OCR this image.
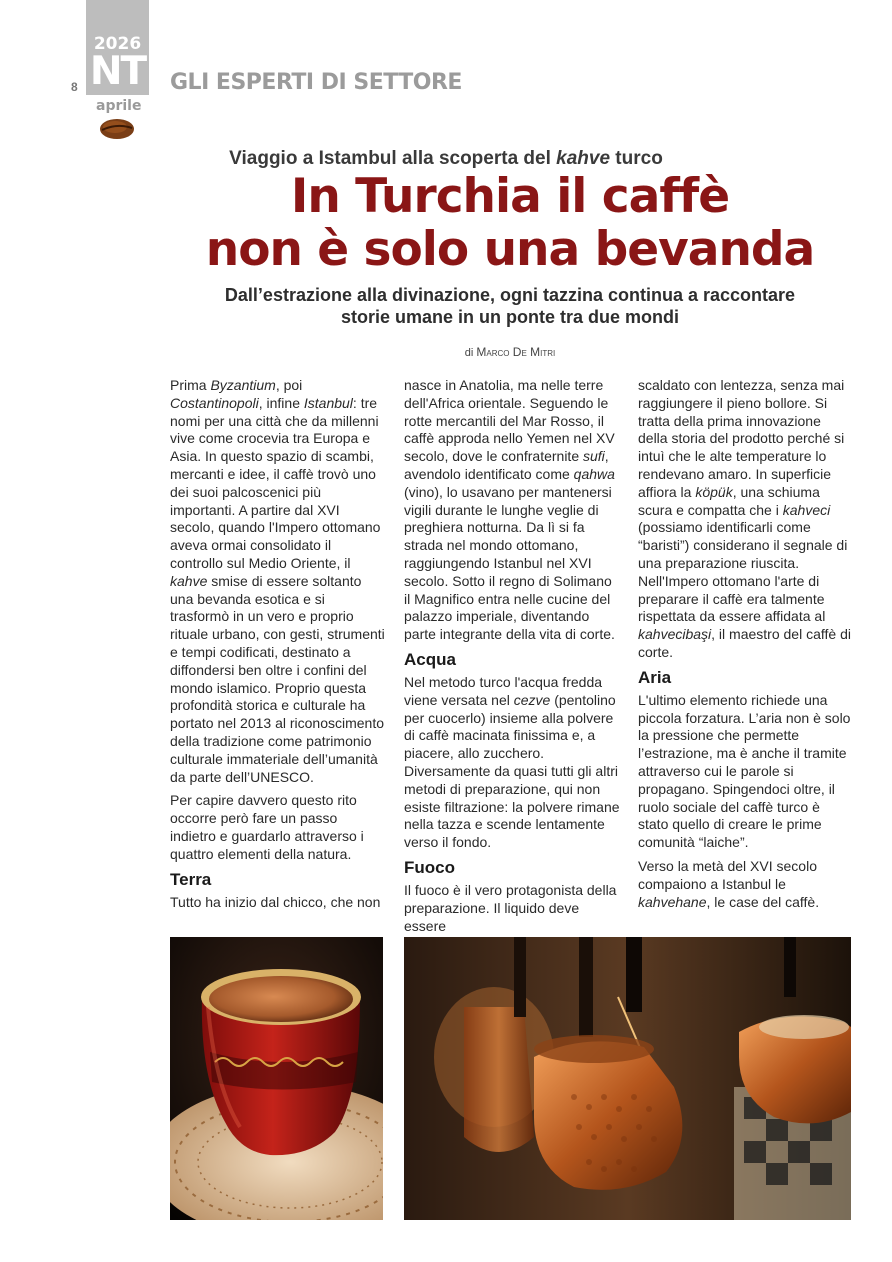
2026
NT
8
aprile
GLI ESPERTI DI SETTORE
Viaggio a Istambul alla scoperta del kahve turco
In Turchia il caffè
non è solo una bevanda
Dall’estrazione alla divinazione, ogni tazzina continua a raccontare
storie umane in un ponte tra due mondi
di Marco De Mitri

Prima Byzantium, poi Costantinopoli, infine Istanbul: tre nomi per una città che da millenni vive come crocevia tra Europa e Asia. In questo spazio di scambi, mercanti e idee, il caffè trovò uno dei suoi palcoscenici più importanti. A partire dal XVI secolo, quando l'Impero ottomano aveva ormai consolidato il controllo sul Medio Oriente, il kahve smise di essere soltanto una bevanda esotica e si trasformò in un vero e proprio rituale urbano, con gesti, strumenti e tempi codificati, destinato a diffondersi ben oltre i confini del mondo islamico. Proprio questa profondità storica e culturale ha portato nel 2013 al riconoscimento della tradizione come patrimonio culturale immateriale dell’umanità da parte dell’UNESCO.

Per capire davvero questo rito occorre però fare un passo indietro e guardarlo attraverso i quattro elementi della natura.

Terra

Tutto ha inizio dal chicco, che non

nasce in Anatolia, ma nelle terre dell'Africa orientale. Seguendo le rotte mercantili del Mar Rosso, il caffè approda nello Yemen nel XV secolo, dove le confraternite sufi, avendolo identificato come qahwa (vino), lo usavano per mantenersi vigili durante le lunghe veglie di preghiera notturna. Da lì si fa strada nel mondo ottomano, raggiungendo Istanbul nel XVI secolo. Sotto il regno di Solimano il Magnifico entra nelle cucine del palazzo imperiale, diventando parte integrante della vita di corte.

Acqua

Nel metodo turco l'acqua fredda viene versata nel cezve (pentolino per cuocerlo) insieme alla polvere di caffè macinata finissima e, a piacere, allo zucchero. Diversamente da quasi tutti gli altri metodi di preparazione, qui non esiste filtrazione: la polvere rimane nella tazza e scende lentamente verso il fondo.

Fuoco

Il fuoco è il vero protagonista della preparazione. Il liquido deve essere

scaldato con lentezza, senza mai raggiungere il pieno bollore. Si tratta della prima innovazione della storia del prodotto perché si intuì che le alte temperature lo rendevano amaro. In superficie affiora la köpük, una schiuma scura e compatta che i kahveci (possiamo identificarli come “baristi”) considerano il segnale di una preparazione riuscita. Nell'Impero ottomano l'arte di preparare il caffè era talmente rispettata da essere affidata al kahvecibaşi, il maestro del caffè di corte.

Aria

L'ultimo elemento richiede una piccola forzatura. L’aria non è solo la pressione che permette l’estrazione, ma è anche il tramite attraverso cui le parole si propagano. Spingendoci oltre, il ruolo sociale del caffè turco è stato quello di creare le prime comunità “laiche”.

Verso la metà del XVI secolo compaiono a Istanbul le kahvehane, le case del caffè.
